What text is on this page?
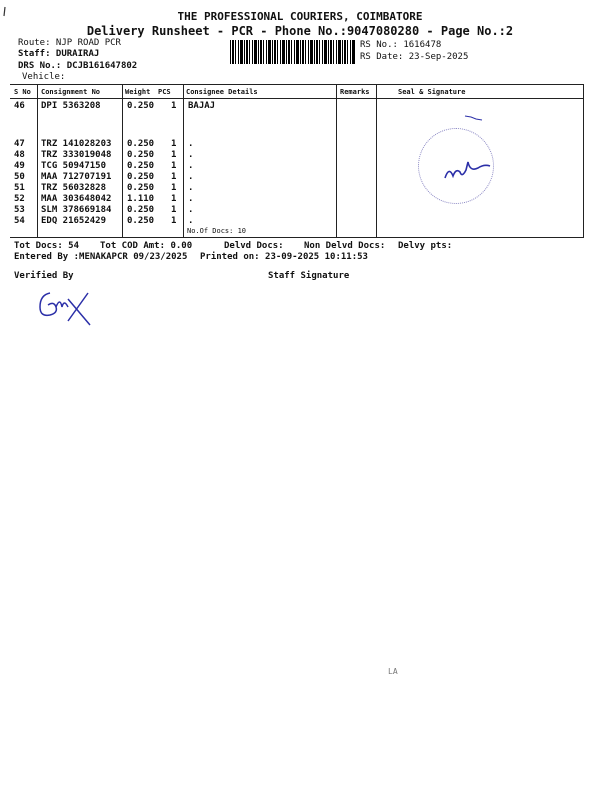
THE PROFESSIONAL COURIERS, COIMBATORE
Delivery Runsheet - PCR - Phone No.:9047080280 - Page No.:2
Route: NJP ROAD PCR
Staff: DURAIRAJ
DRS No.: DCJB161647802
Vehicle:
RS No.: 1616478
RS Date: 23-Sep-2025
S No Consignment No	Weight PCS Consignee Details	Remarks	Seal & Signature
46 DPI 5363208	0.250 1 BAJAJ
47 TRZ 141028203 0.250 1 .
48 TRZ 333019048 0.250 1 .
49 TCG 50947150 0.250 1 .
50 MAA 712707191 0.250 1 .
51 TRZ 56032828 0.250 1 .
52 MAA 303648042 1.110 1 .
53 SLM 378669184 0.250 1 .
54 EDQ 21652429 0.250 1 .
No.Of Docs: 10
Tot Docs: 54 Tot COD Amt: 0.00	Delvd Docs: Non Delvd Docs: Delvy pts:
Entered By :MENAKAPCR 09/23/2025 Printed on: 23-09-2025 10:11:53
Verified By	Staff Signature
LA
